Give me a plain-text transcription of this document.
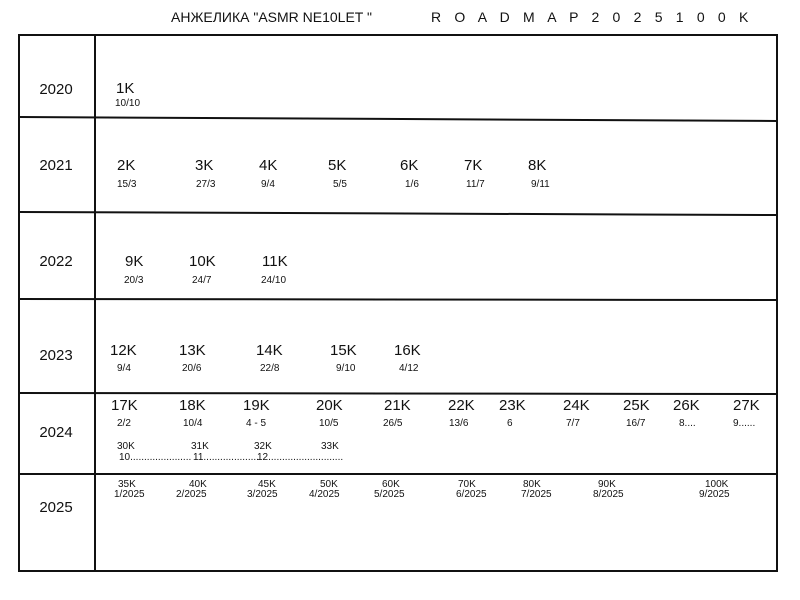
АНЖЕЛИКА "ASMR NE10LET "	R O A D M A P 2 0 2 5 1 0 0 K
2020
2021
2022
2023
2024
2025
1K
10/10
2K
15/3
3K
27/3
4K
9/4
5K
5/5
6K
1/6
7K
11/7
8K
9/11
9K
20/3
10K
24/7
11K
24/10
12K
9/4
13K
20/6
14K
22/8
15K
9/10
16K
4/12
17K
2/2
18K
10/4
19K
4 - 5
20K
10/5
21K
26/5
22K
13/6
23K
6
24K
7/7
25K
16/7
26K
8....
27K
9......
30K
10......................
31K
11....................
32K
12...........................
33K
35K
1/2025
40K
2/2025
45K
3/2025
50K
4/2025
60K
5/2025
70K
6/2025
80K
7/2025
90K
8/2025
100K
9/2025
